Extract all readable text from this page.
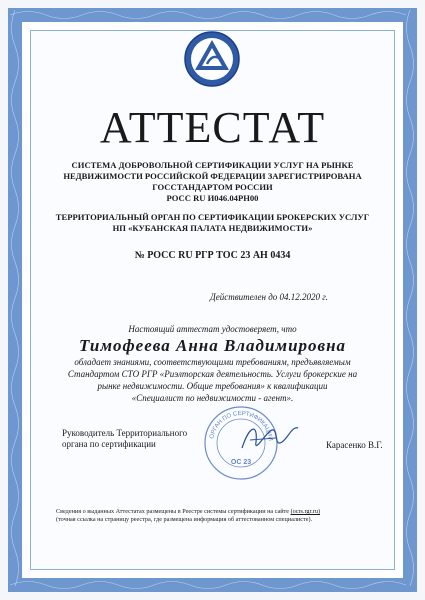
АТТЕСТАТ
СИСТЕМА ДОБРОВОЛЬНОЙ СЕРТИФИКАЦИИ УСЛУГ НА РЫНКЕ
НЕДВИЖИМОСТИ РОССИЙСКОЙ ФЕДЕРАЦИИ ЗАРЕГИСТРИРОВАНА
ГОССТАНДАРТОМ РОССИИ
РОСС RU И046.04РН00
ТЕРРИТОРИАЛЬНЫЙ ОРГАН ПО СЕРТИФИКАЦИИ БРОКЕРСКИХ УСЛУГ
НП «КУБАНСКАЯ ПАЛАТА НЕДВИЖИМОСТИ»
№ РОСС RU РГР ТОС 23 АН 0434
Действителен до 04.12.2020 г.
Настоящий аттестат удостоверяет, что
Тимофеева Анна Владимировна
обладает знаниями, соответствующими требованиям, предъявляемым
Стандартом СТО РГР «Риэлторская деятельность. Услуги брокерские на
рынке недвижимости. Общие требования» к квалификации
«Специалист по недвижимости - агент».
Руководитель Территориального
органа по сертификации
ОРГАН ПО СЕРТИФИКАЦИИ
ОС 23
Карасенко В.Г.
Сведения о выданных Аттестатах размещены в Реестре системы сертификации на сайте (ocrs.rgr.ru)
(точная ссылка на страницу реестра, где размещена информация об аттестованном специалисте).
